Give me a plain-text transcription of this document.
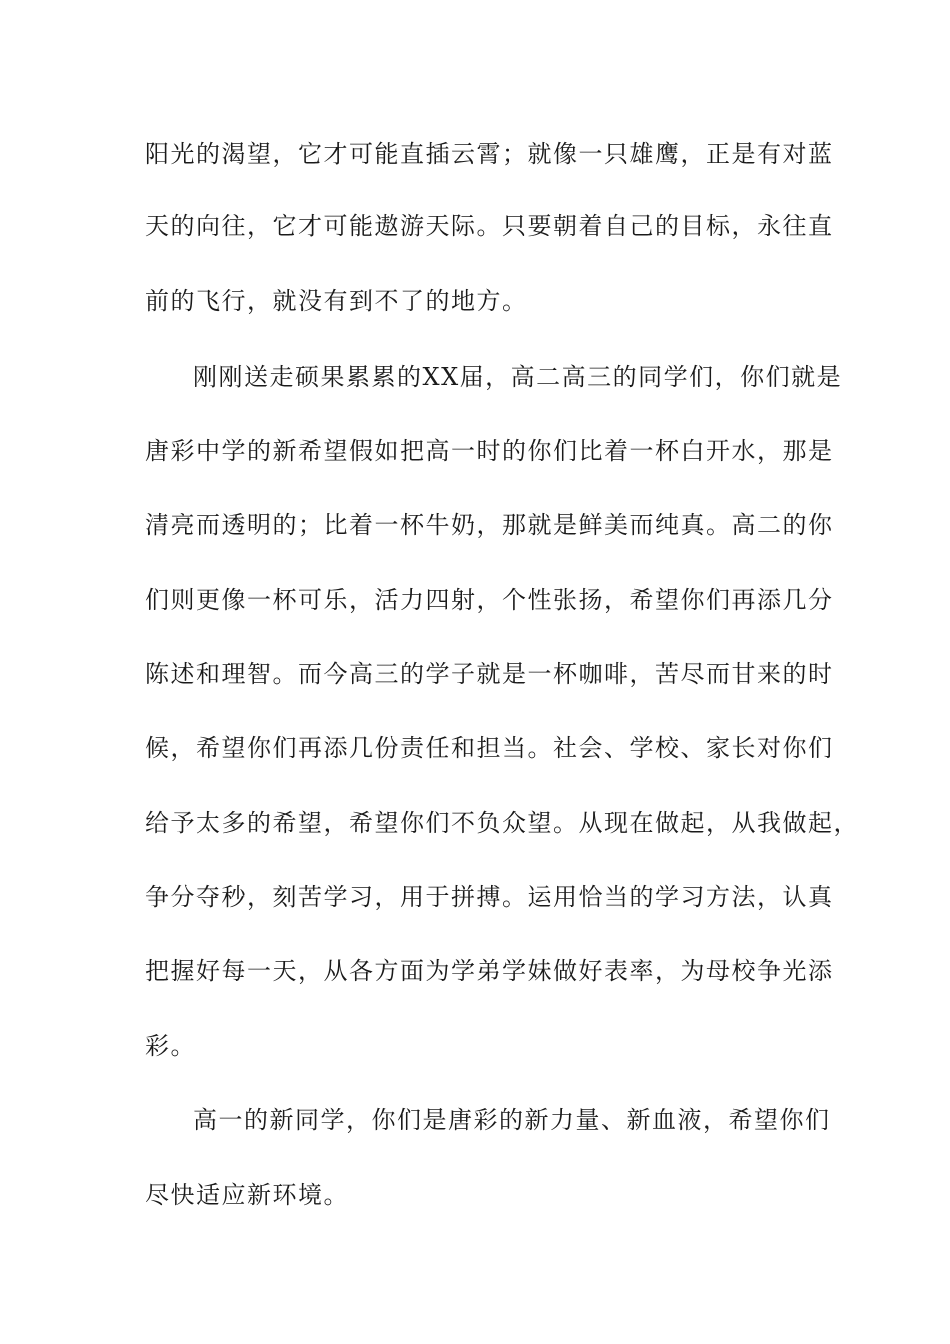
阳光的渴望，它才可能直插云霄；就像一只雄鹰，正是有对蓝

天的向往，它才可能遨游天际。只要朝着自己的目标，永往直

前的飞行，就没有到不了的地方。

刚刚送走硕果累累的XX届，高二高三的同学们，你们就是

唐彩中学的新希望假如把高一时的你们比着一杯白开水，那是

清亮而透明的；比着一杯牛奶，那就是鲜美而纯真。高二的你

们则更像一杯可乐，活力四射，个性张扬，希望你们再添几分

陈述和理智。而今高三的学子就是一杯咖啡，苦尽而甘来的时

候，希望你们再添几份责任和担当。社会、学校、家长对你们

给予太多的希望，希望你们不负众望。从现在做起，从我做起，

争分夺秒，刻苦学习，用于拼搏。运用恰当的学习方法，认真

把握好每一天，从各方面为学弟学妹做好表率，为母校争光添

彩。

高一的新同学，你们是唐彩的新力量、新血液，希望你们

尽快适应新环境。
